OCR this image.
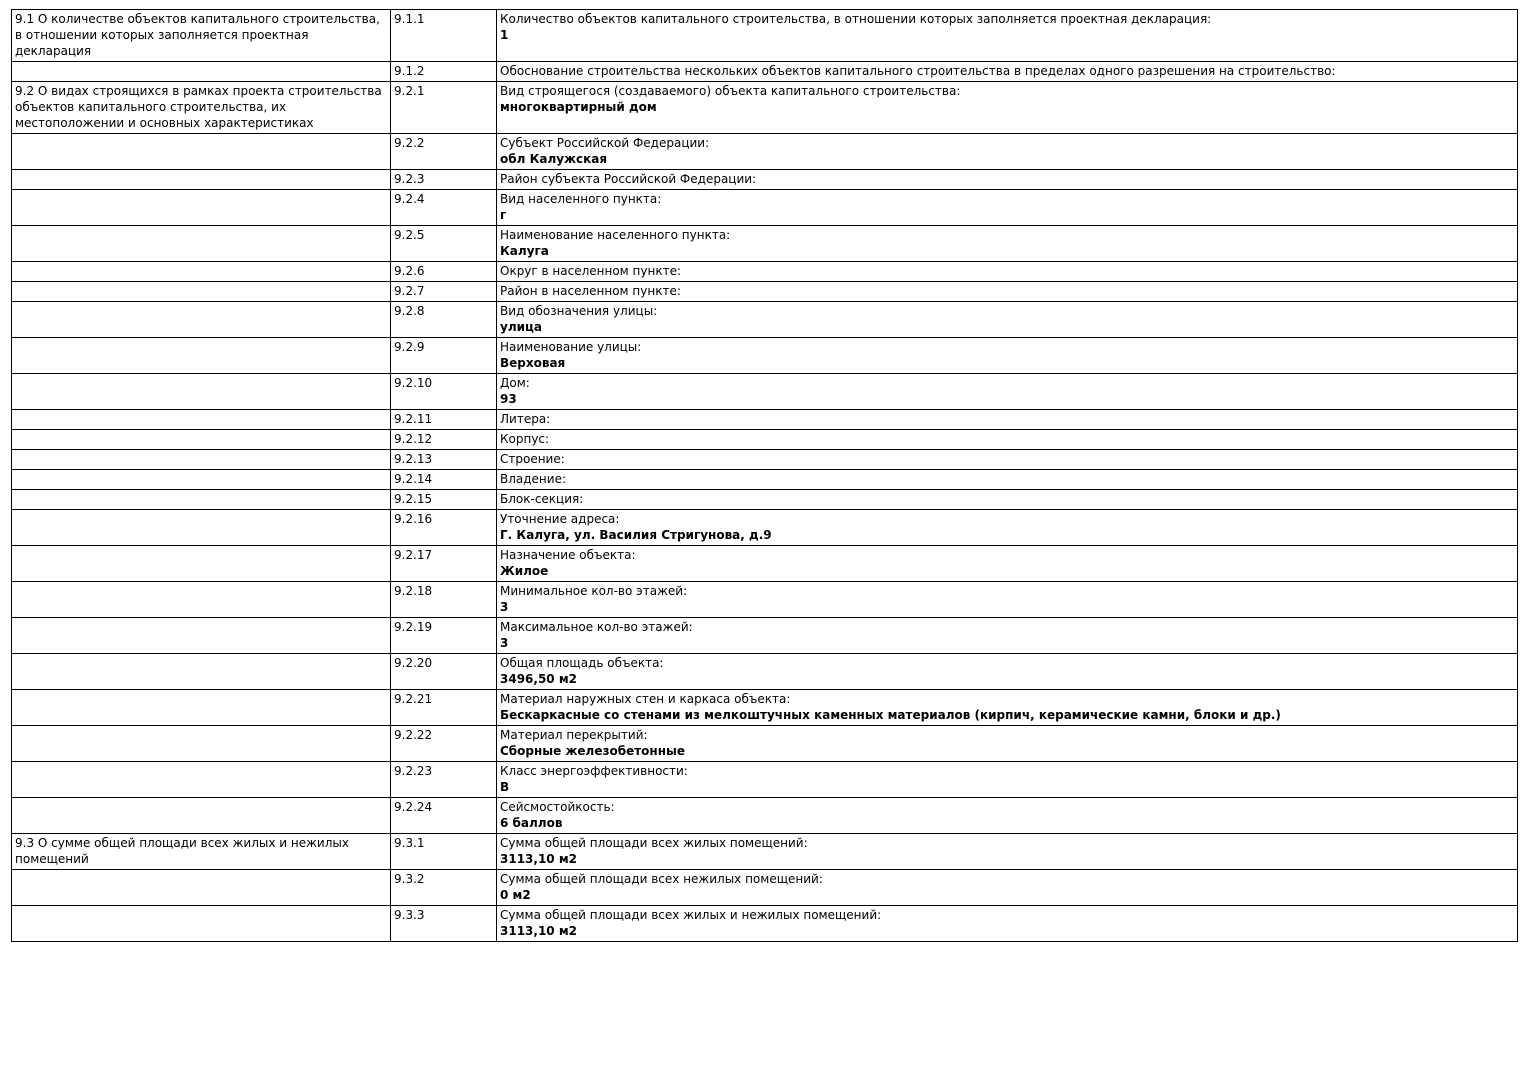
9.1 О количестве объектов капитального строительства, в отношении которых заполняется проектная декларация	9.1.1	Количество объектов капитального строительства, в отношении которых заполняется проектная декларация:
1

	9.1.2	Обоснование строительства нескольких объектов капитального строительства в пределах одного разрешения на строительство:

9.2 О видах строящихся в рамках проекта строительства объектов капитального строительства, их местоположении и основных характеристиках	9.2.1	Вид строящегося (создаваемого) объекта капитального строительства:
многоквартирный дом

	9.2.2	Субъект Российской Федерации:
обл Калужская

	9.2.3	Район субъекта Российской Федерации:

	9.2.4	Вид населенного пункта:
г

	9.2.5	Наименование населенного пункта:
Калуга

	9.2.6	Округ в населенном пункте:

	9.2.7	Район в населенном пункте:

	9.2.8	Вид обозначения улицы:
улица

	9.2.9	Наименование улицы:
Верховая

	9.2.10	Дом:
93

	9.2.11	Литера:

	9.2.12	Корпус:

	9.2.13	Строение:

	9.2.14	Владение:

	9.2.15	Блок-секция:

	9.2.16	Уточнение адреса:
Г. Калуга, ул. Василия Стригунова, д.9

	9.2.17	Назначение объекта:
Жилое

	9.2.18	Минимальное кол-во этажей:
3

	9.2.19	Максимальное кол-во этажей:
3

	9.2.20	Общая площадь объекта:
3496,50 м2

	9.2.21	Материал наружных стен и каркаса объекта:
Бескаркасные со стенами из мелкоштучных каменных материалов (кирпич, керамические камни, блоки и др.)

	9.2.22	Материал перекрытий:
Сборные железобетонные

	9.2.23	Класс энергоэффективности:
В

	9.2.24	Сейсмостойкость:
6 баллов

9.3 О сумме общей площади всех жилых и нежилых помещений	9.3.1	Сумма общей площади всех жилых помещений:
3113,10 м2

	9.3.2	Сумма общей площади всех нежилых помещений:
0 м2

	9.3.3	Сумма общей площади всех жилых и нежилых помещений:
3113,10 м2
